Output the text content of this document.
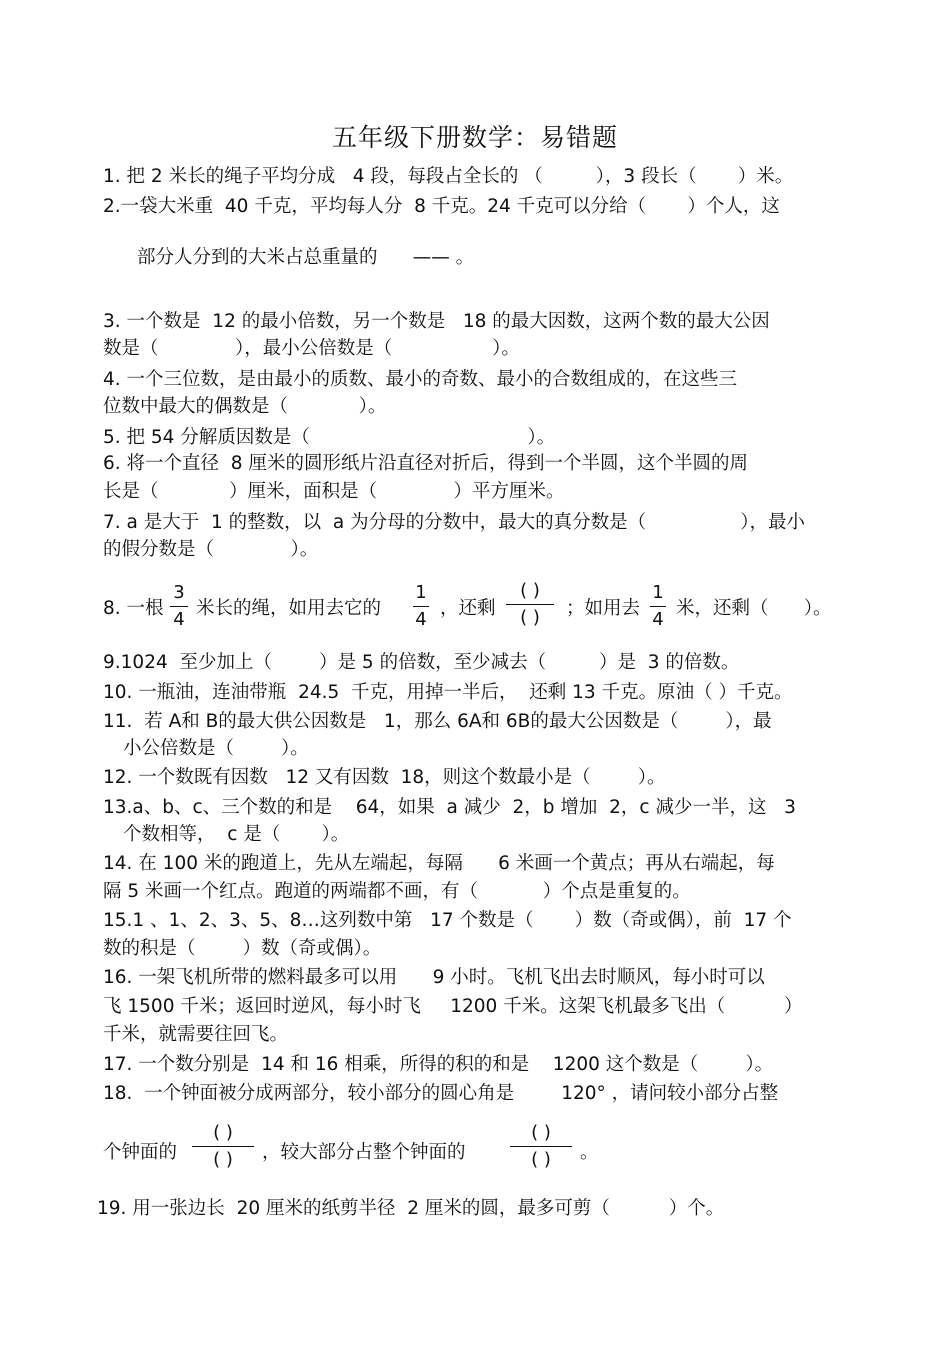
五年级下册数学：易错题
1. 把 2 米长的绳子平均分成   4 段，每段占全长的 （         ），3 段长（       ）米。
2.一袋大米重  40 千克，平均每人分  8 千克。24 千克可以分给（       ）个人，这
部分人分到的大米占总重量的      —— 。
3. 一个数是  12 的最小倍数，另一个数是   18 的最大因数，这两个数的最大公因
数是（             ），最小公倍数是（                 ）。
4. 一个三位数，是由最小的质数、最小的奇数、最小的合数组成的，在这些三
位数中最大的偶数是（            ）。
5. 把 54 分解质因数是（                                     ）。
6. 将一个直径  8 厘米的圆形纸片沿直径对折后，得到一个半圆，这个半圆的周
长是（            ）厘米，面积是（             ）平方厘米。
7. a 是大于  1 的整数，以  a 为分母的分数中，最大的真分数是（                ），最小
的假分数是（             ）。
8. 一根
3
4
米长的绳，如用去它的
1
4
，还剩
( )
( )	；如用去
1
4
米，还剩（      ）。
9.1024  至少加上（        ）是 5 的倍数，至少减去（         ）是  3 的倍数。
10. 一瓶油，连油带瓶  24.5  千克，用掉一半后，  还剩 13 千克。原油（ ）千克。
11.  若 A和 B的最大供公因数是   1，那么 6A和 6B的最大公因数是（        ），最
小公倍数是（        ）。
12. 一个数既有因数   12 又有因数  18，则这个数最小是（        ）。
13.a、b、c、三个数的和是    64，如果  a 减少  2，b 增加  2，c 减少一半，这   3
个数相等，  c 是（       ）。
14. 在 100 米的跑道上，先从左端起，每隔      6 米画一个黄点；再从右端起，每
隔 5 米画一个红点。跑道的两端都不画，有（           ）个点是重复的。
15.1 、1、2、3、5、8…这列数中第   17 个数是（       ）数（奇或偶），前  17 个
数的积是（        ）数（奇或偶）。
16. 一架飞机所带的燃料最多可以用      9 小时。飞机飞出去时顺风，每小时可以
飞 1500 千米；返回时逆风，每小时飞     1200 千米。这架飞机最多飞出（          ）
千米，就需要往回飞。
17. 一个数分别是  14 和 16 相乘，所得的积的和是    1200 这个数是（        ）。
18.  一个钟面被分成两部分，较小部分的圆心角是        120° ，请问较小部分占整
个钟面的
( )
( )	，较大部分占整个钟面的
( )
( )	。
19. 用一张边长  20 厘米的纸剪半径  2 厘米的圆，最多可剪（          ）个。
